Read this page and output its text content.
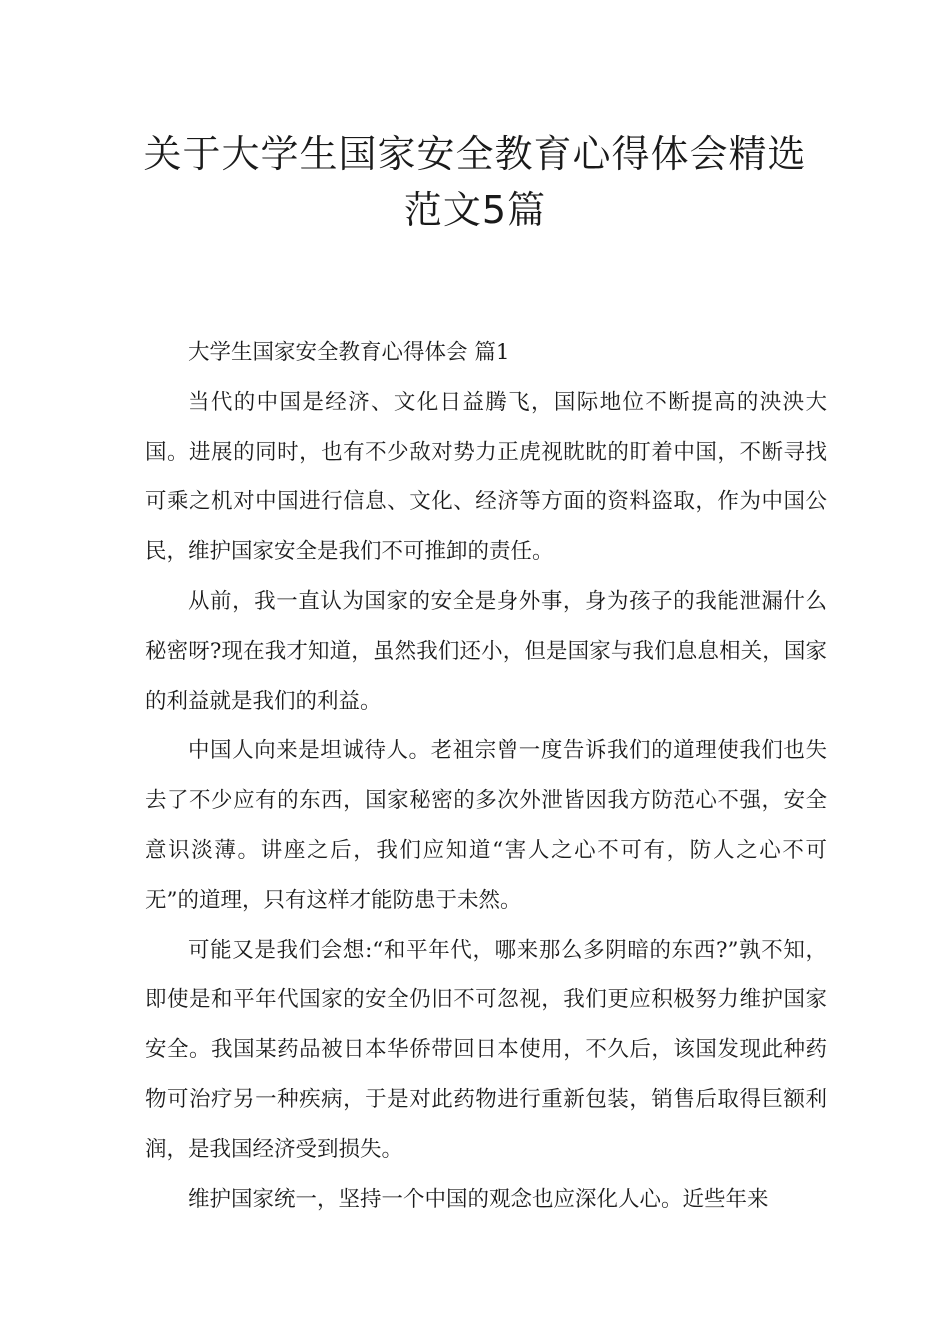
关于大学生国家安全教育心得体会精选
范文5篇

大学生国家安全教育心得体会 篇1

当代的中国是经济、文化日益腾飞，国际地位不断提高的泱泱大国。进展的同时，也有不少敌对势力正虎视眈眈的盯着中国，不断寻找可乘之机对中国进行信息、文化、经济等方面的资料盗取，作为中国公民，维护国家安全是我们不可推卸的责任。

从前，我一直认为国家的安全是身外事，身为孩子的我能泄漏什么秘密呀?现在我才知道，虽然我们还小，但是国家与我们息息相关，国家的利益就是我们的利益。

中国人向来是坦诚待人。老祖宗曾一度告诉我们的道理使我们也失去了不少应有的东西，国家秘密的多次外泄皆因我方防范心不强，安全意识淡薄。讲座之后，我们应知道“害人之心不可有，防人之心不可无”的道理，只有这样才能防患于未然。

可能又是我们会想:“和平年代，哪来那么多阴暗的东西?”孰不知，即使是和平年代国家的安全仍旧不可忽视，我们更应积极努力维护国家安全。我国某药品被日本华侨带回日本使用，不久后，该国发现此种药物可治疗另一种疾病，于是对此药物进行重新包装，销售后取得巨额利润，是我国经济受到损失。

维护国家统一，坚持一个中国的观念也应深化人心。近些年来
